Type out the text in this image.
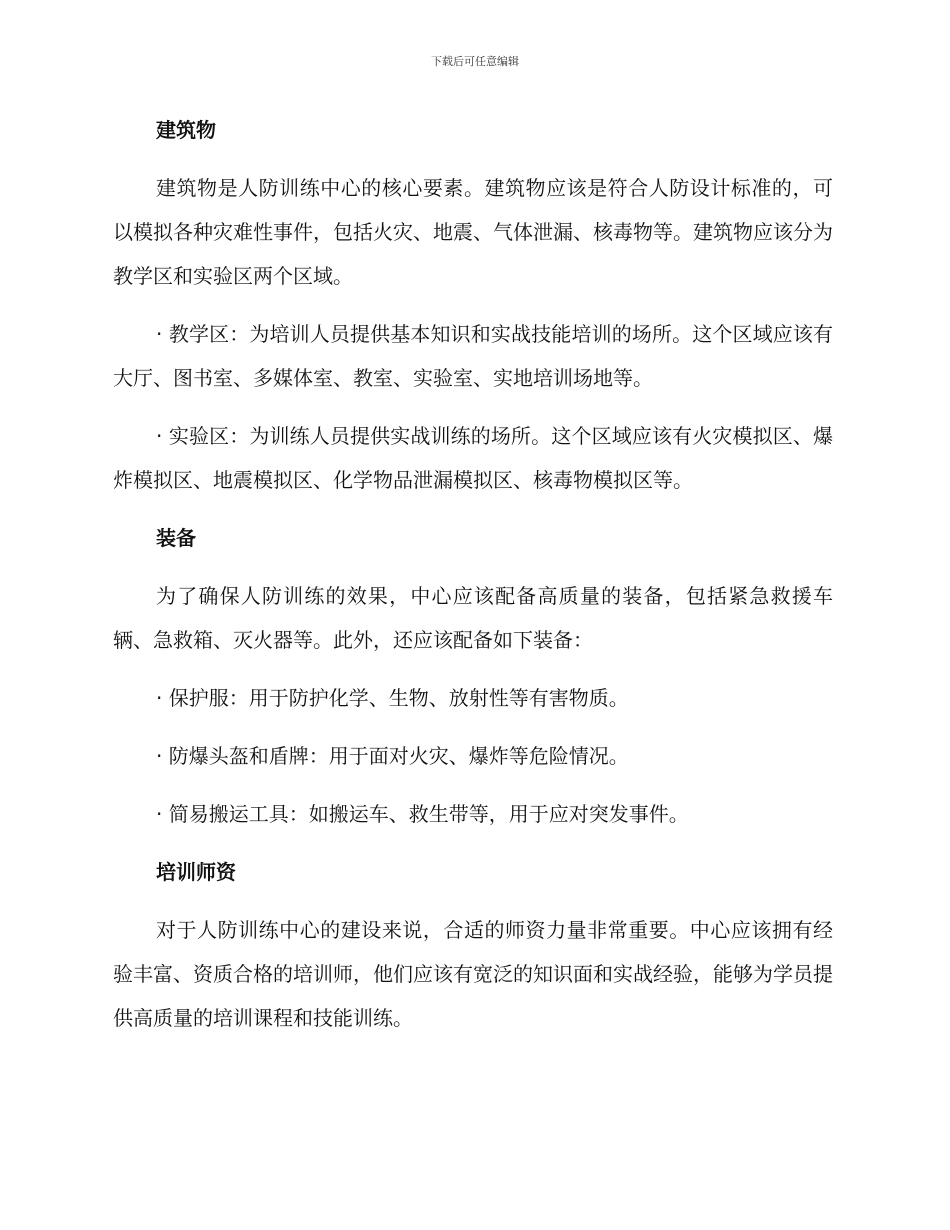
下载后可任意编辑
建筑物

建筑物是人防训练中心的核心要素。建筑物应该是符合人防设计标准的，可以模拟各种灾难性事件，包括火灾、地震、气体泄漏、核毒物等。建筑物应该分为教学区和实验区两个区域。

· 教学区：为培训人员提供基本知识和实战技能培训的场所。这个区域应该有大厅、图书室、多媒体室、教室、实验室、实地培训场地等。

· 实验区：为训练人员提供实战训练的场所。这个区域应该有火灾模拟区、爆炸模拟区、地震模拟区、化学物品泄漏模拟区、核毒物模拟区等。

装备

为了确保人防训练的效果，中心应该配备高质量的装备，包括紧急救援车辆、急救箱、灭火器等。此外，还应该配备如下装备：

· 保护服：用于防护化学、生物、放射性等有害物质。

· 防爆头盔和盾牌：用于面对火灾、爆炸等危险情况。

· 简易搬运工具：如搬运车、救生带等，用于应对突发事件。

培训师资

对于人防训练中心的建设来说，合适的师资力量非常重要。中心应该拥有经验丰富、资质合格的培训师，他们应该有宽泛的知识面和实战经验，能够为学员提供高质量的培训课程和技能训练。
